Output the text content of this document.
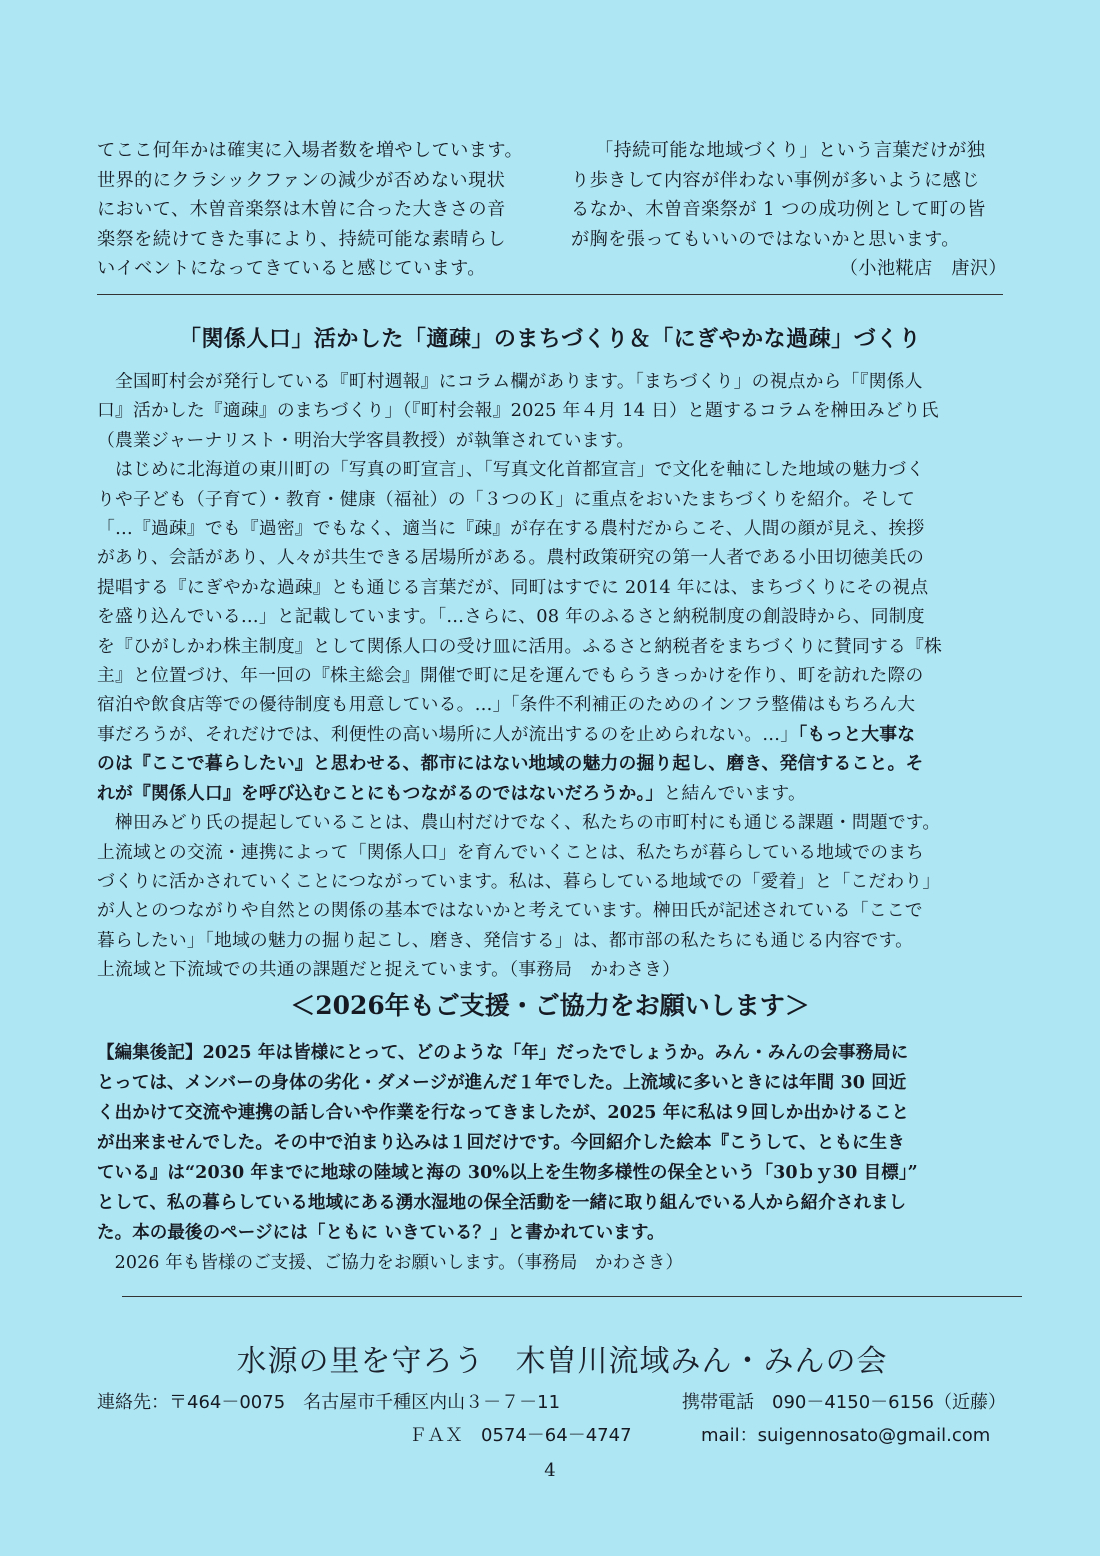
てここ何年かは確実に入場者数を増やしています。
世界的にクラシックファンの減少が否めない現状
において、木曽音楽祭は木曽に合った大きさの音
楽祭を続けてきた事により、持続可能な素晴らし
いイベントになってきていると感じています。
「持続可能な地域づくり」という言葉だけが独
り歩きして内容が伴わない事例が多いように感じ
るなか、木曽音楽祭が 1 つの成功例として町の皆
が胸を張ってもいいのではないかと思います。
（小池糀店　唐沢）
「関係人口」活かした「適疎」のまちづくり＆「にぎやかな過疎」づくり
　全国町村会が発行している『町村週報』にコラム欄があります。「まちづくり」の視点から「『関係人
口』活かした『適疎』のまちづくり」（『町村会報』2025 年４月 14 日）と題するコラムを榊田みどり氏
（農業ジャーナリスト・明治大学客員教授）が執筆されています。
　はじめに北海道の東川町の「写真の町宣言」、「写真文化首都宣言」で文化を軸にした地域の魅力づく
りや子ども（子育て）・教育・健康（福祉）の「３つのＫ」に重点をおいたまちづくりを紹介。そして
「…『過疎』でも『過密』でもなく、適当に『疎』が存在する農村だからこそ、人間の顔が見え、挨拶
があり、会話があり、人々が共生できる居場所がある。農村政策研究の第一人者である小田切徳美氏の
提唱する『にぎやかな過疎』とも通じる言葉だが、同町はすでに 2014 年には、まちづくりにその視点
を盛り込んでいる…」と記載しています。「…さらに、08 年のふるさと納税制度の創設時から、同制度
を『ひがしかわ株主制度』として関係人口の受け皿に活用。ふるさと納税者をまちづくりに賛同する『株
主』と位置づけ、年一回の『株主総会』開催で町に足を運んでもらうきっかけを作り、町を訪れた際の
宿泊や飲食店等での優待制度も用意している。…」「条件不利補正のためのインフラ整備はもちろん大
事だろうが、それだけでは、利便性の高い場所に人が流出するのを止められない。…」「もっと大事な
のは『ここで暮らしたい』と思わせる、都市にはない地域の魅力の掘り起し、磨き、発信すること。そ
れが『関係人口』を呼び込むことにもつながるのではないだろうか。」と結んでいます。
　榊田みどり氏の提起していることは、農山村だけでなく、私たちの市町村にも通じる課題・問題です。
上流域との交流・連携によって「関係人口」を育んでいくことは、私たちが暮らしている地域でのまち
づくりに活かされていくことにつながっています。私は、暮らしている地域での「愛着」と「こだわり」
が人とのつながりや自然との関係の基本ではないかと考えています。榊田氏が記述されている「ここで
暮らしたい」「地域の魅力の掘り起こし、磨き、発信する」は、都市部の私たちにも通じる内容です。
上流域と下流域での共通の課題だと捉えています。（事務局　かわさき）
＜2026年もご支援・ご協力をお願いします＞
【編集後記】2025 年は皆様にとって、どのような「年」だったでしょうか。みん・みんの会事務局に
とっては、メンバーの身体の劣化・ダメージが進んだ１年でした。上流域に多いときには年間 30 回近
く出かけて交流や連携の話し合いや作業を行なってきましたが、2025 年に私は９回しか出かけること
が出来ませんでした。その中で泊まり込みは１回だけです。今回紹介した絵本『こうして、ともに生き
ている』は“2030 年までに地球の陸域と海の 30%以上を生物多様性の保全という「30ｂｙ30 目標」”
として、私の暮らしている地域にある湧水湿地の保全活動を一緒に取り組んでいる人から紹介されまし
た。本の最後のページには「ともに いきている？」と書かれています。
　2026 年も皆様のご支援、ご協力をお願いします。（事務局　かわさき）
水源の里を守ろう　木曽川流域みん・みんの会
連絡先：〒464－0075　名古屋市千種区内山３－７－11	携帯電話　090－4150－6156（近藤）
ＦＡＸ　0574－64－4747	mail：suigennosato@gmail.com
4
